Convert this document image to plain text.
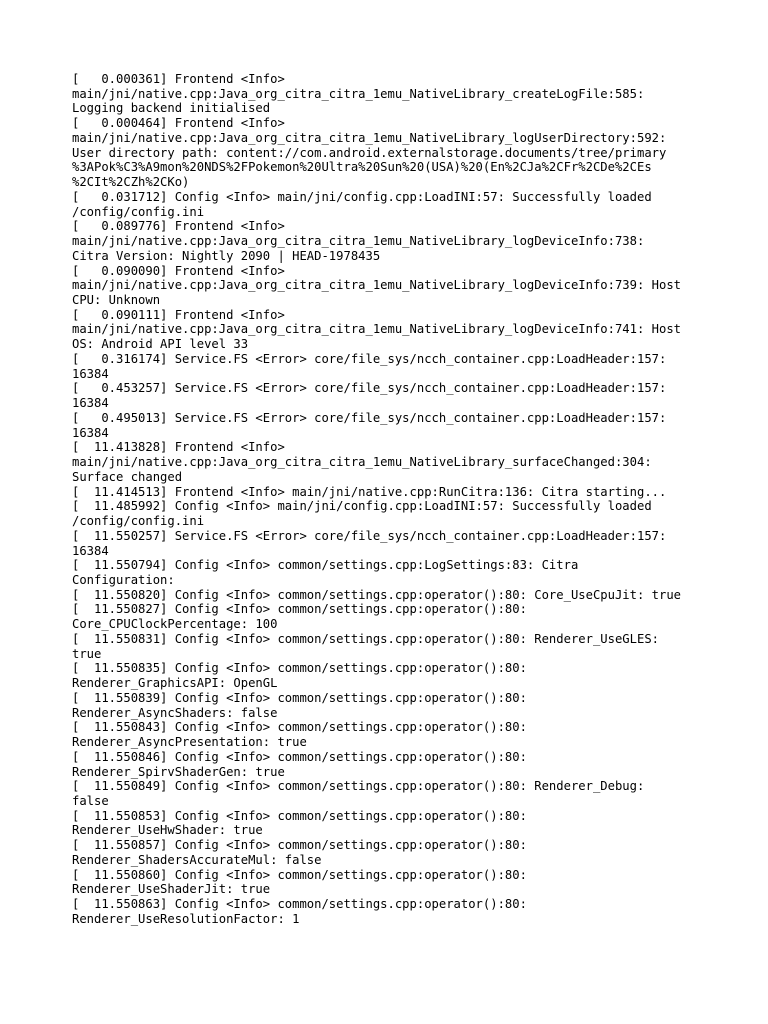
[   0.000361] Frontend <Info>
main/jni/native.cpp:Java_org_citra_citra_1emu_NativeLibrary_createLogFile:585:
Logging backend initialised
[   0.000464] Frontend <Info>
main/jni/native.cpp:Java_org_citra_citra_1emu_NativeLibrary_logUserDirectory:592:
User directory path: content://com.android.externalstorage.documents/tree/primary
%3APok%C3%A9mon%20NDS%2FPokemon%20Ultra%20Sun%20(USA)%20(En%2CJa%2CFr%2CDe%2CEs
%2CIt%2CZh%2CKo)
[   0.031712] Config <Info> main/jni/config.cpp:LoadINI:57: Successfully loaded
/config/config.ini
[   0.089776] Frontend <Info>
main/jni/native.cpp:Java_org_citra_citra_1emu_NativeLibrary_logDeviceInfo:738:
Citra Version: Nightly 2090 | HEAD-1978435
[   0.090090] Frontend <Info>
main/jni/native.cpp:Java_org_citra_citra_1emu_NativeLibrary_logDeviceInfo:739: Host
CPU: Unknown
[   0.090111] Frontend <Info>
main/jni/native.cpp:Java_org_citra_citra_1emu_NativeLibrary_logDeviceInfo:741: Host
OS: Android API level 33
[   0.316174] Service.FS <Error> core/file_sys/ncch_container.cpp:LoadHeader:157:
16384
[   0.453257] Service.FS <Error> core/file_sys/ncch_container.cpp:LoadHeader:157:
16384
[   0.495013] Service.FS <Error> core/file_sys/ncch_container.cpp:LoadHeader:157:
16384
[  11.413828] Frontend <Info>
main/jni/native.cpp:Java_org_citra_citra_1emu_NativeLibrary_surfaceChanged:304:
Surface changed
[  11.414513] Frontend <Info> main/jni/native.cpp:RunCitra:136: Citra starting...
[  11.485992] Config <Info> main/jni/config.cpp:LoadINI:57: Successfully loaded
/config/config.ini
[  11.550257] Service.FS <Error> core/file_sys/ncch_container.cpp:LoadHeader:157:
16384
[  11.550794] Config <Info> common/settings.cpp:LogSettings:83: Citra
Configuration:
[  11.550820] Config <Info> common/settings.cpp:operator():80: Core_UseCpuJit: true
[  11.550827] Config <Info> common/settings.cpp:operator():80:
Core_CPUClockPercentage: 100
[  11.550831] Config <Info> common/settings.cpp:operator():80: Renderer_UseGLES:
true
[  11.550835] Config <Info> common/settings.cpp:operator():80:
Renderer_GraphicsAPI: OpenGL
[  11.550839] Config <Info> common/settings.cpp:operator():80:
Renderer_AsyncShaders: false
[  11.550843] Config <Info> common/settings.cpp:operator():80:
Renderer_AsyncPresentation: true
[  11.550846] Config <Info> common/settings.cpp:operator():80:
Renderer_SpirvShaderGen: true
[  11.550849] Config <Info> common/settings.cpp:operator():80: Renderer_Debug:
false
[  11.550853] Config <Info> common/settings.cpp:operator():80:
Renderer_UseHwShader: true
[  11.550857] Config <Info> common/settings.cpp:operator():80:
Renderer_ShadersAccurateMul: false
[  11.550860] Config <Info> common/settings.cpp:operator():80:
Renderer_UseShaderJit: true
[  11.550863] Config <Info> common/settings.cpp:operator():80:
Renderer_UseResolutionFactor: 1
